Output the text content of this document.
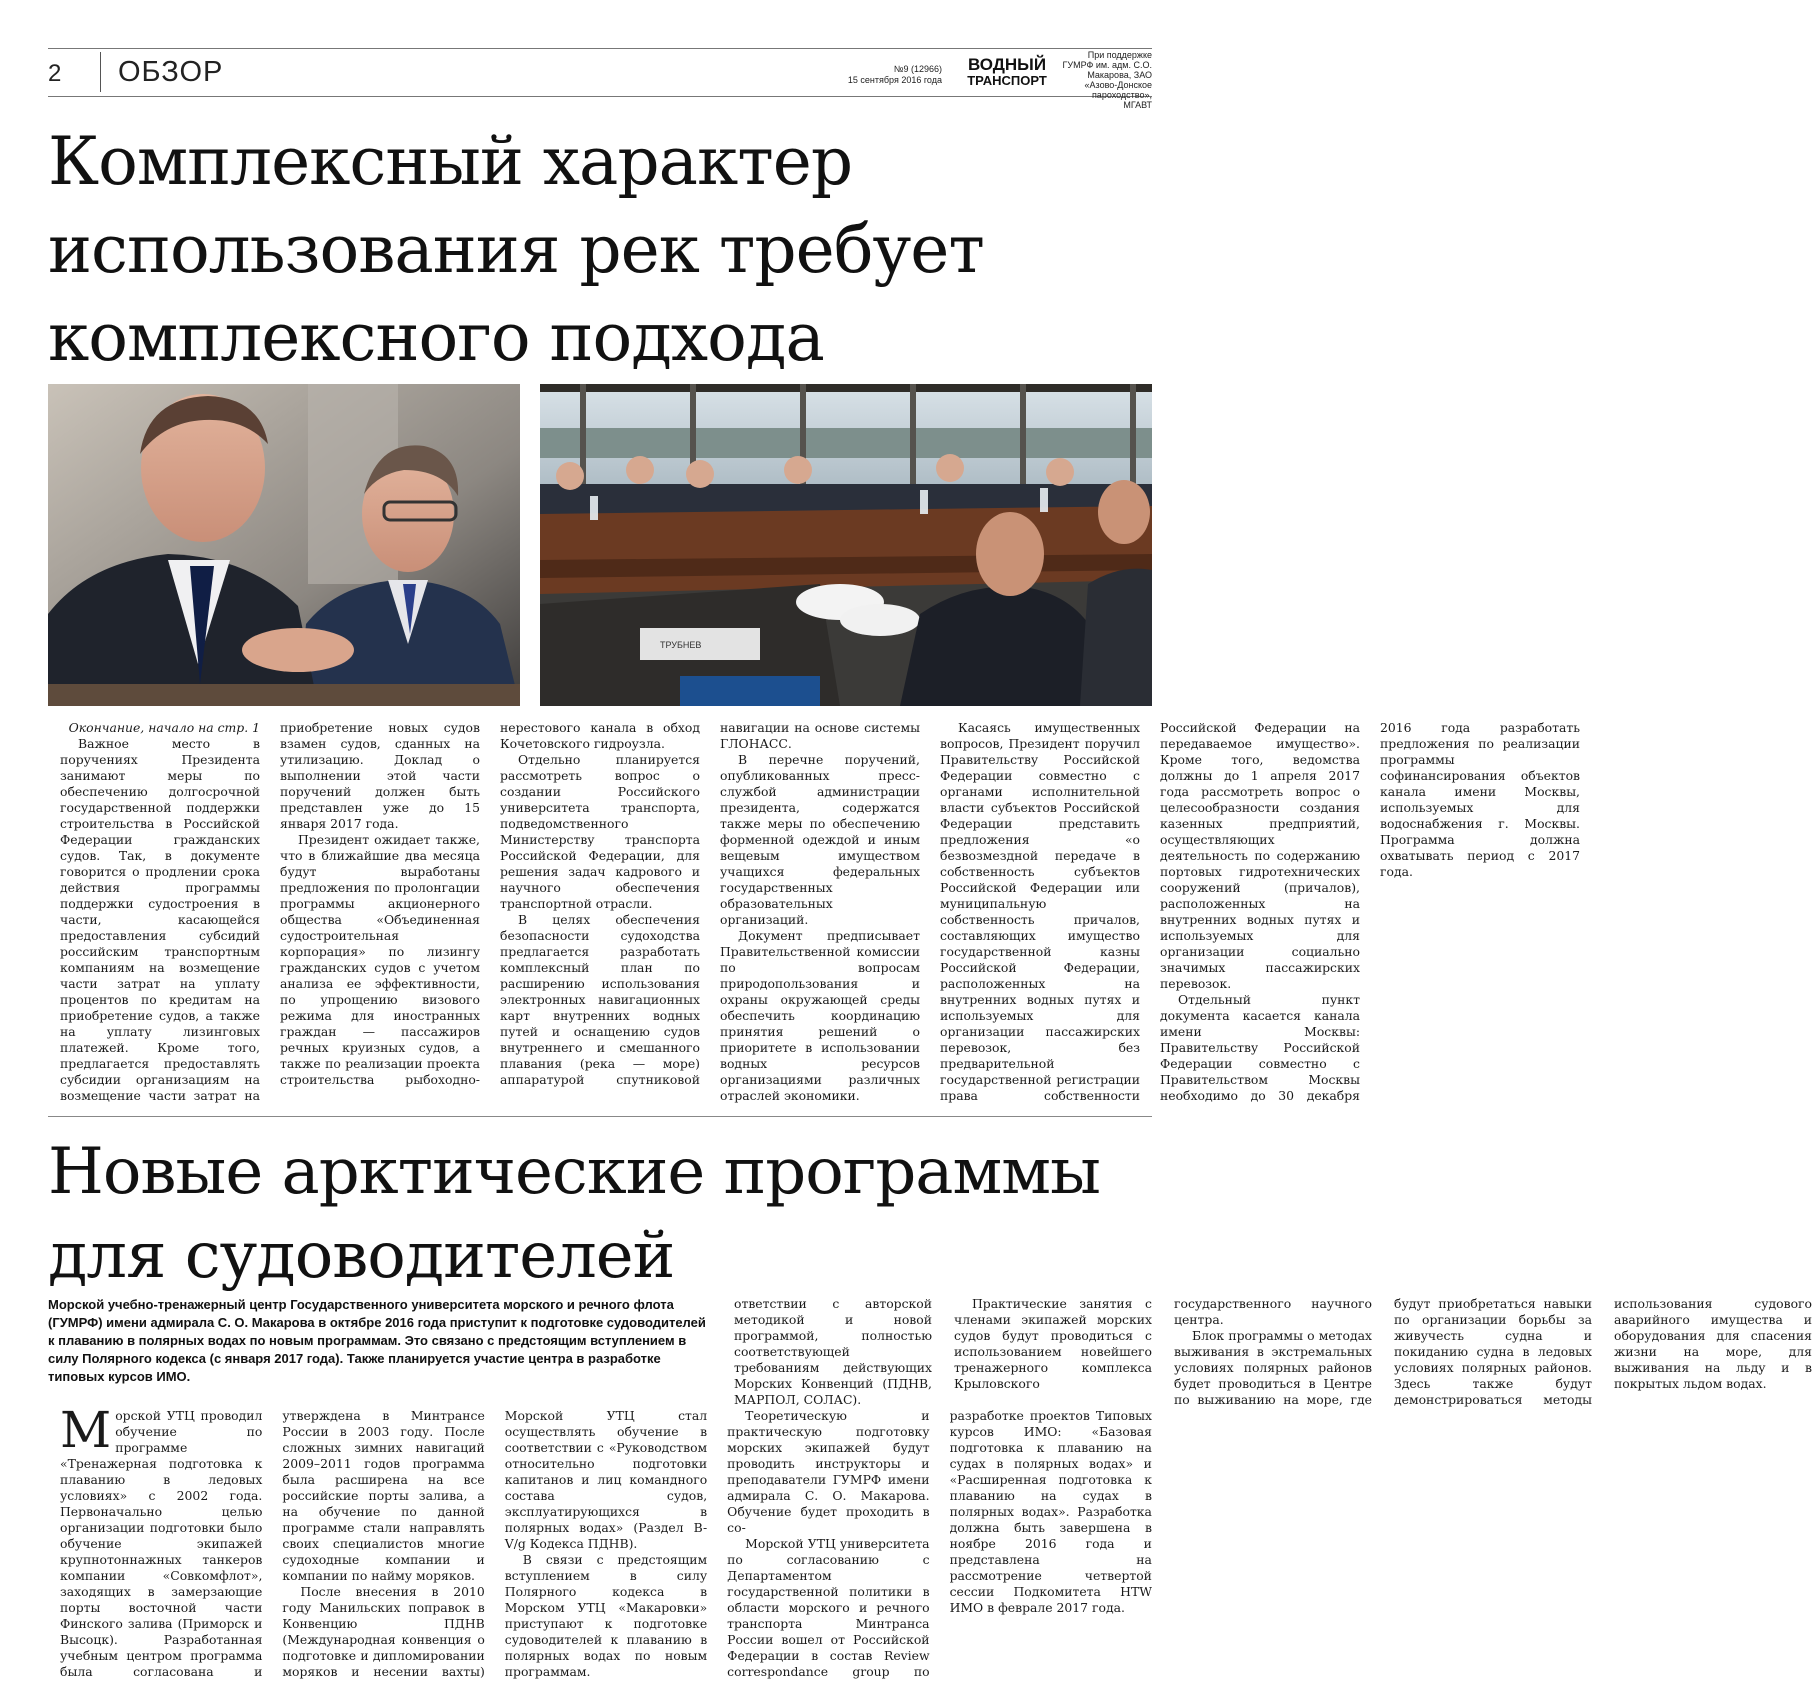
2 ОБЗОР	№9 (12966)
15 сентября 2016 года
ВОДНЫЙ
ТРАНСПОРТ
При поддержке ГУМРФ им. адм. С.О. Макарова, ЗАО «Азово-Донское пароходство», МГАВТ
Комплексный характер использования рек требует комплексного подхода
ТРУБНЕВ

Окончание, начало на стр. 1

Важное место в поручениях Президента занимают меры по обеспечению долгосрочной государственной поддержки строительства в Российской Федерации гражданских судов. Так, в документе говорится о продлении срока действия программы поддержки судостроения в части, касающейся предоставления субсидий российским транспортным компаниям на возмещение части затрат на уплату процентов по кредитам на приобретение судов, а также на уплату лизинговых платежей. Кроме того, предлагается предоставлять субсидии организациям на возмещение части затрат на приобретение новых судов взамен судов, сданных на утилизацию. Доклад о выполнении этой части поручений должен быть представлен уже до 15 января 2017 года.

Президент ожидает также, что в ближайшие два месяца будут выработаны предложения по пролонгации программы акционерного общества «Объединенная судостроительная корпорация» по лизингу гражданских судов с учетом анализа ее эффективности, по упрощению визового режима для иностранных граждан — пассажиров речных круизных судов, а также по реализации проекта строительства рыбоходно-нерестового канала в обход Кочетовского гидроузла.

Отдельно планируется рассмотреть вопрос о создании Российского университета транспорта, подведомственного Министерству транспорта Российской Федерации, для решения задач кадрового и научного обеспечения транспортной отрасли.

В целях обеспечения безопасности судоходства предлагается разработать комплексный план по расширению использования электронных навигационных карт внутренних водных путей и оснащению судов внутреннего и смешанного плавания (река — море) аппаратурой спутниковой навигации на основе системы ГЛОНАСС.

В перечне поручений, опубликованных пресс-службой администрации президента, содержатся также меры по обеспечению форменной одеждой и иным вещевым имуществом учащихся федеральных государственных образовательных организаций.

Документ предписывает Правительственной комиссии по вопросам природопользования и охраны окружающей среды обеспечить координацию принятия решений о приоритете в использовании водных ресурсов организациями различных отраслей экономики.

Касаясь имущественных вопросов, Президент поручил Правительству Российской Федерации совместно с органами исполнительной власти субъектов Российской Федерации представить предложения «о безвозмездной передаче в собственность субъектов Российской Федерации или муниципальную собственность причалов, составляющих имущество государственной казны Российской Федерации, расположенных на внутренних водных путях и используемых для организации пассажирских перевозок, без предварительной государственной регистрации права собственности Российской Федерации на передаваемое имущество». Кроме того, ведомства должны до 1 апреля 2017 года рассмотреть вопрос о целесообразности создания казенных предприятий, осуществляющих деятельность по содержанию портовых гидротехнических сооружений (причалов), расположенных на внутренних водных путях и используемых для организации социально значимых пассажирских перевозок.

Отдельный пункт документа касается канала имени Москвы: Правительству Российской Федерации совместно с Правительством Москвы необходимо до 30 декабря 2016 года разработать предложения по реализации программы софинансирования объектов канала имени Москвы, используемых для водоснабжения г. Москвы. Программа должна охватывать период с 2017 года.

Новые арктические программы для судоводителей

Морской учебно-тренажерный центр Государственного университета морского и речного флота (ГУМРФ) имени адмирала С. О. Макарова в октябре 2016 года приступит к подготовке судоводителей к плаванию в полярных водах по новым программам. Это связано с предстоящим вступлением в силу Полярного кодекса (с января 2017 года). Также планируется участие центра в разработке типовых курсов ИМО.

ответствии с авторской методикой и новой программой, полностью соответствующей требованиям действующих Морских Конвенций (ПДНВ, МАРПОЛ, СОЛАС).

Практические занятия с членами экипажей морских судов будут проводиться с использованием новейшего тренажерного комплекса Крыловского государственного научного центра.

Блок программы о методах выживания в экстремальных условиях полярных районов будет проводиться в Центре по выживанию на море, где будут приобретаться навыки по организации борьбы за живучесть судна и покиданию судна в ледовых условиях полярных районов. Здесь также будут демонстрироваться методы использования судового аварийного имущества и оборудования для спасения жизни на море, для выживания на льду и в покрытых льдом водах.

Морской УТЦ проводил обучение по программе «Тренажерная подготовка к плаванию в ледовых условиях» с 2002 года. Первоначально целью организации подготовки было обучение экипажей крупнотоннажных танкеров компании «Совкомфлот», заходящих в замерзающие порты восточной части Финского залива (Приморск и Высоцк). Разработанная учебным центром программа была согласована и утверждена в Минтрансе России в 2003 году. После сложных зимних навигаций 2009–2011 годов программа была расширена на все российские порты залива, а на обучение по данной программе стали направлять своих специалистов многие судоходные компании и компании по найму моряков.

После внесения в 2010 году Манильских поправок в Конвенцию ПДНВ (Международная конвенция о подготовке и дипломировании моряков и несении вахты) Морской УТЦ стал осуществлять обучение в соответствии с «Руководством относительно подготовки капитанов и лиц командного состава судов, эксплуатирующихся в полярных водах» (Раздел B-V/g Кодекса ПДНВ).

В связи с предстоящим вступлением в силу Полярного кодекса в Морском УТЦ «Макаровки» приступают к подготовке судоводителей к плаванию в полярных водах по новым программам.

Теоретическую и практическую подготовку морских экипажей будут проводить инструкторы и преподаватели ГУМРФ имени адмирала С. О. Макарова. Обучение будет проходить в со-

Морской УТЦ университета по согласованию с Департаментом государственной политики в области морского и речного транспорта Минтранса России вошел от Российской Федерации в состав Review correspondance group по разработке проектов Типовых курсов ИМО: «Базовая подготовка к плаванию на судах в полярных водах» и «Расширенная подготовка к плаванию на судах в полярных водах». Разработка должна быть завершена в ноябре 2016 года и представлена на рассмотрение четвертой сессии Подкомитета HTW ИМО в феврале 2017 года.
